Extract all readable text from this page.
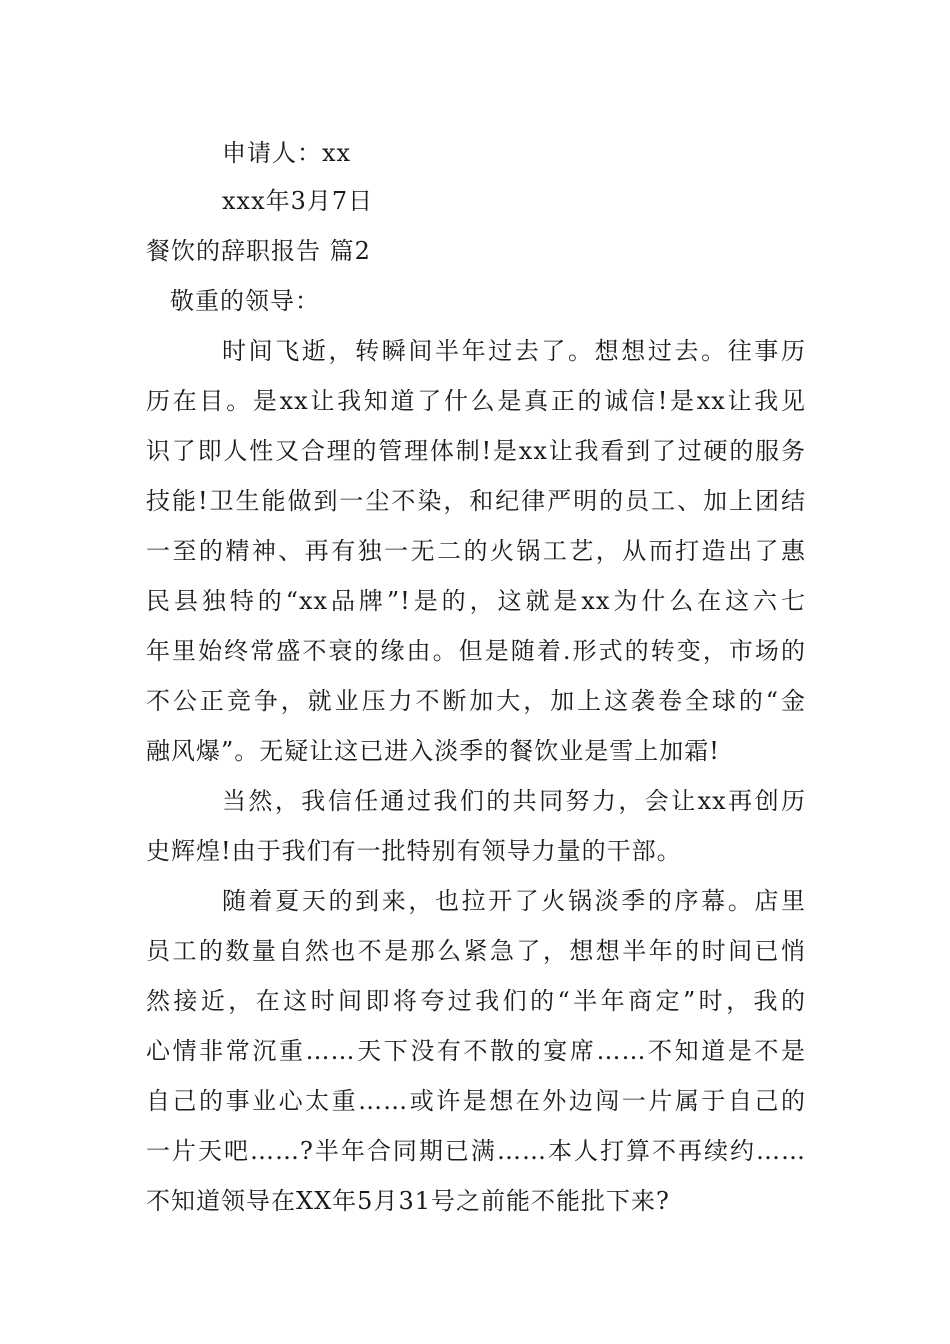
申请人：xx
xxx年3月7日
餐饮的辞职报告 篇2
敬重的领导：
时间飞逝，转瞬间半年过去了。想想过去。往事历
历在目。是xx让我知道了什么是真正的诚信!是xx让我见
识了即人性又合理的管理体制!是xx让我看到了过硬的服务
技能!卫生能做到一尘不染，和纪律严明的员工、加上团结
一至的精神、再有独一无二的火锅工艺，从而打造出了惠
民县独特的“xx品牌”!是的，这就是xx为什么在这六七
年里始终常盛不衰的缘由。但是随着.形式的转变，市场的
不公正竞争，就业压力不断加大，加上这袭卷全球的“金
融风爆”。无疑让这已进入淡季的餐饮业是雪上加霜!
当然，我信任通过我们的共同努力，会让xx再创历
史辉煌!由于我们有一批特别有领导力量的干部。
随着夏天的到来，也拉开了火锅淡季的序幕。店里
员工的数量自然也不是那么紧急了，想想半年的时间已悄
然接近，在这时间即将夸过我们的“半年商定”时，我的
心情非常沉重……天下没有不散的宴席……不知道是不是
自己的事业心太重……或许是想在外边闯一片属于自己的
一片天吧……?半年合同期已满……本人打算不再续约……
不知道领导在XX年5月31号之前能不能批下来?
